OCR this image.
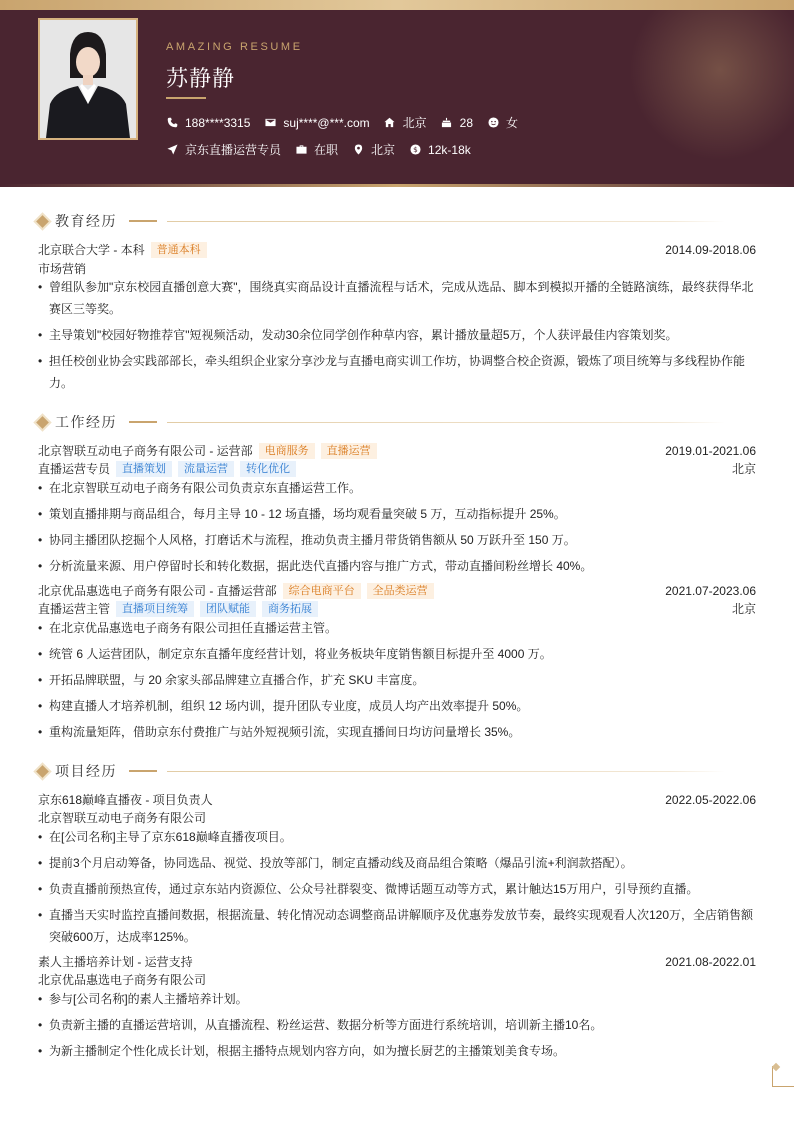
AMAZING RESUME
苏静静
188****3315	suj****@***.com	北京	28	女
京东直播运营专员	在职	北京 $ 12k-18k
教育经历
北京联合大学 - 本科	普通本科	2014.09-2018.06
市场营销
• 曾组队参加"京东校园直播创意大赛"，围绕真实商品设计直播流程与话术，完成从选品、脚本到模拟开播的全链路演练，最终获得华北
赛区三等奖。
• 主导策划"校园好物推荐官"短视频活动，发动30余位同学创作种草内容，累计播放量超5万，个人获评最佳内容策划奖。
• 担任校创业协会实践部部长，牵头组织企业家分享沙龙与直播电商实训工作坊，协调整合校企资源，锻炼了项目统筹与多线程协作能
力。
工作经历
北京智联互动电子商务有限公司 - 运营部	电商服务	直播运营	2019.01-2021.06
直播运营专员	直播策划	流量运营	转化优化	北京
• 在北京智联互动电子商务有限公司负责京东直播运营工作。
• 策划直播排期与商品组合，每月主导 10 - 12 场直播，场均观看量突破 5 万，互动指标提升 25%。
• 协同主播团队挖掘个人风格，打磨话术与流程，推动负责主播月带货销售额从 50 万跃升至 150 万。
• 分析流量来源、用户停留时长和转化数据，据此迭代直播内容与推广方式，带动直播间粉丝增长 40%。
北京优品惠选电子商务有限公司 - 直播运营部	综合电商平台	全品类运营	2021.07-2023.06
直播运营主管	直播项目统筹	团队赋能	商务拓展	北京
• 在北京优品惠选电子商务有限公司担任直播运营主管。
• 统管 6 人运营团队，制定京东直播年度经营计划，将业务板块年度销售额目标提升至 4000 万。
• 开拓品牌联盟，与 20 余家头部品牌建立直播合作，扩充 SKU 丰富度。
• 构建直播人才培养机制，组织 12 场内训，提升团队专业度，成员人均产出效率提升 50%。
• 重构流量矩阵，借助京东付费推广与站外短视频引流，实现直播间日均访问量增长 35%。
项目经历
京东618巅峰直播夜 - 项目负责人	2022.05-2022.06
北京智联互动电子商务有限公司
• 在[公司名称]主导了京东618巅峰直播夜项目。
• 提前3个月启动筹备，协同选品、视觉、投放等部门，制定直播动线及商品组合策略（爆品引流+利润款搭配）。
• 负责直播前预热宣传，通过京东站内资源位、公众号社群裂变、微博话题互动等方式，累计触达15万用户，引导预约直播。
• 直播当天实时监控直播间数据，根据流量、转化情况动态调整商品讲解顺序及优惠券发放节奏，最终实现观看人次120万，全店销售额
突破600万，达成率125%。
素人主播培养计划 - 运营支持	2021.08-2022.01
北京优品惠选电子商务有限公司
• 参与[公司名称]的素人主播培养计划。
• 负责新主播的直播运营培训，从直播流程、粉丝运营、数据分析等方面进行系统培训，培训新主播10名。
• 为新主播制定个性化成长计划，根据主播特点规划内容方向，如为擅长厨艺的主播策划美食专场。
